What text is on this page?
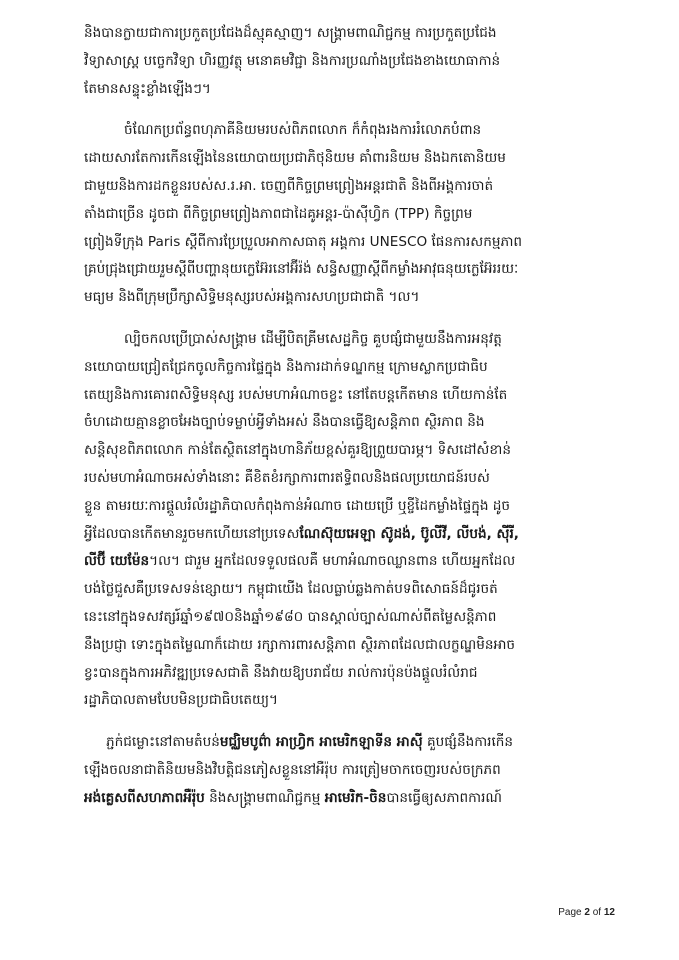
និងបានក្លាយជាការប្រកួតប្រជែងដ៏ស្មុគស្មាញ។ សង្គ្រាមពាណិជ្ជកម្ម ការប្រកួតប្រជែង
វិទ្យាសាស្ត្រ បច្ចេកវិទ្យា ហិរញ្ញវត្ថុ មនោគមវិជ្ជា និងការប្រណាំងប្រជែងខាងយោធាកាន់
តែមានសន្ទុះខ្លាំងឡើងៗ។

ចំណែកប្រព័ន្ធពហុភាគីនិយមរបស់ពិភពលោក ក៏កំពុងរងការរំលោភបំពាន
ដោយសារតែការកើនឡើងនៃនយោបាយប្រជាភិថុនិយម គាំពារនិយម និងឯកតោនិយម
ជាមួយនិងការដកខ្លួនរបស់ស.រ.អា. ចេញពីកិច្ចព្រមព្រៀងអន្តរជាតិ និងពីអង្គការចាត់
តាំងជាច្រើន ដូចជា ពីកិច្ចព្រមព្រៀងភាពជាដៃគូអន្តរ-ប៉ាស៊ីហ្វិក (TPP) កិច្ចព្រម
ព្រៀងទីក្រុង Paris ស្តីពីការប្រែប្រួលអាកាសធាតុ អង្គការ UNESCO ផែនការសកម្មភាព
គ្រប់ជ្រុងជ្រោយរួមស្តីពីបញ្ហានុយក្លេអ៊ែរនៅអ៊ីរ៉ង់ សន្ធិសញ្ញាស្តីពីកម្លាំងអាវុធនុយក្លេអ៊ែររយៈ
មធ្យម និងពីក្រុមប្រឹក្សាសិទ្ធិមនុស្សរបស់អង្គការសហប្រជាជាតិ ។ល។

ល្បិចកលប្រើប្រាស់សង្គ្រាម ដើម្បីបិតគ្រីមសេដ្ឋកិច្ច គួបផ្សំជាមួយនឹងការអនុវត្ត
នយោបាយជ្រៀតជ្រែកចូលកិច្ចការផ្ទៃក្នុង និងការដាក់ទណ្ឌកម្ម ក្រោមស្លាកប្រជាធិប
តេយ្យនិងការគោរពសិទ្ធិមនុស្ស របស់មហាអំណាចខ្លះ នៅតែបន្តកើតមាន ហើយកាន់តែ
ចំហដោយគ្មានខ្លាចអែងច្បាប់ទម្លាប់អ្វីទាំងអស់ នឹងបានធ្វើឱ្យសន្តិភាព ស្ថិរភាព និង
សន្តិសុខពិភពលោក កាន់តែស្ថិតនៅក្នុងហានិភ័យខ្ពស់គួរឱ្យព្រួយបារម្ភ។ ទិសដៅសំខាន់
របស់មហាអំណាចអស់ទាំងនោះ គឺខិតខំរក្សាការពារឥទ្ធិពលនិងផលប្រយោជន៍របស់
ខ្លួន តាមរយៈការផ្តួលរំលំរដ្ឋាភិបាលកំពុងកាន់អំណាច ដោយប្រើ ឬខ្ចីដៃកម្លាំងផ្ទៃក្នុង ដូច
អ្វីដែលបានកើតមានរួចមកហើយនៅប្រទេសណែស៊ុយអេឡា ស៊ូដង់, ប៊ូលីវី, លីបង់, ស៊ីរី,
លីប៊ី យេម៉ែន។ល។ ជារួម អ្នកដែលទទួលផលគឺ មហាអំណាចឈ្លានពាន ហើយអ្នកដែល
បង់ថ្លៃជួសគឺប្រទេសទន់ខ្សោយ។ កម្ពុជាយើង ដែលធ្លាប់ឆ្លងកាត់បទពិសោធន៍ដ៏ជូរចត់
នេះនៅក្នុងទសវត្សរ៍ឆ្នាំ១៩៧០និងឆ្នាំ១៩៨០ បានស្គាល់ច្បាស់ណាស់ពីតម្លៃសន្តិភាព
នឹងប្រជ្ញា ទោះក្នុងតម្លៃណាក៏ដោយ រក្សាការពារសន្តិភាព ស្ថិរភាពដែលជាលក្ខណ្ឌមិនអាច
ខ្វះបានក្នុងការអភិវឌ្ឍប្រទេសជាតិ នឹងវាយឱ្យបរាជ័យ រាល់ការប៉ុនប៉ងផ្តួលរំលំរាជ
រដ្ឋាភិបាលតាមបែបមិនប្រជាធិបតេយ្យ។

ភ្ជក់ជម្លោះនៅតាមតំបន់មជ្ឈិមបូព៌ា អាហ្វ្រិក អាមេរិកឡាទីន អាស៊ី គួបផ្សំនឹងការកើន
ឡើងចលនាជាតិនិយមនិងវិបត្តិជនភៀសខ្លួននៅអឺរ៉ុប ការត្រៀមចាកចេញរបស់ចក្រភព
អង់គ្លេសពីសហភាពអឺរ៉ុប និងសង្គ្រាមពាណិជ្ជកម្ម អាមេរិក-ចិនបានធ្វើឲ្យសភាពការណ៍

Page 2 of 12
